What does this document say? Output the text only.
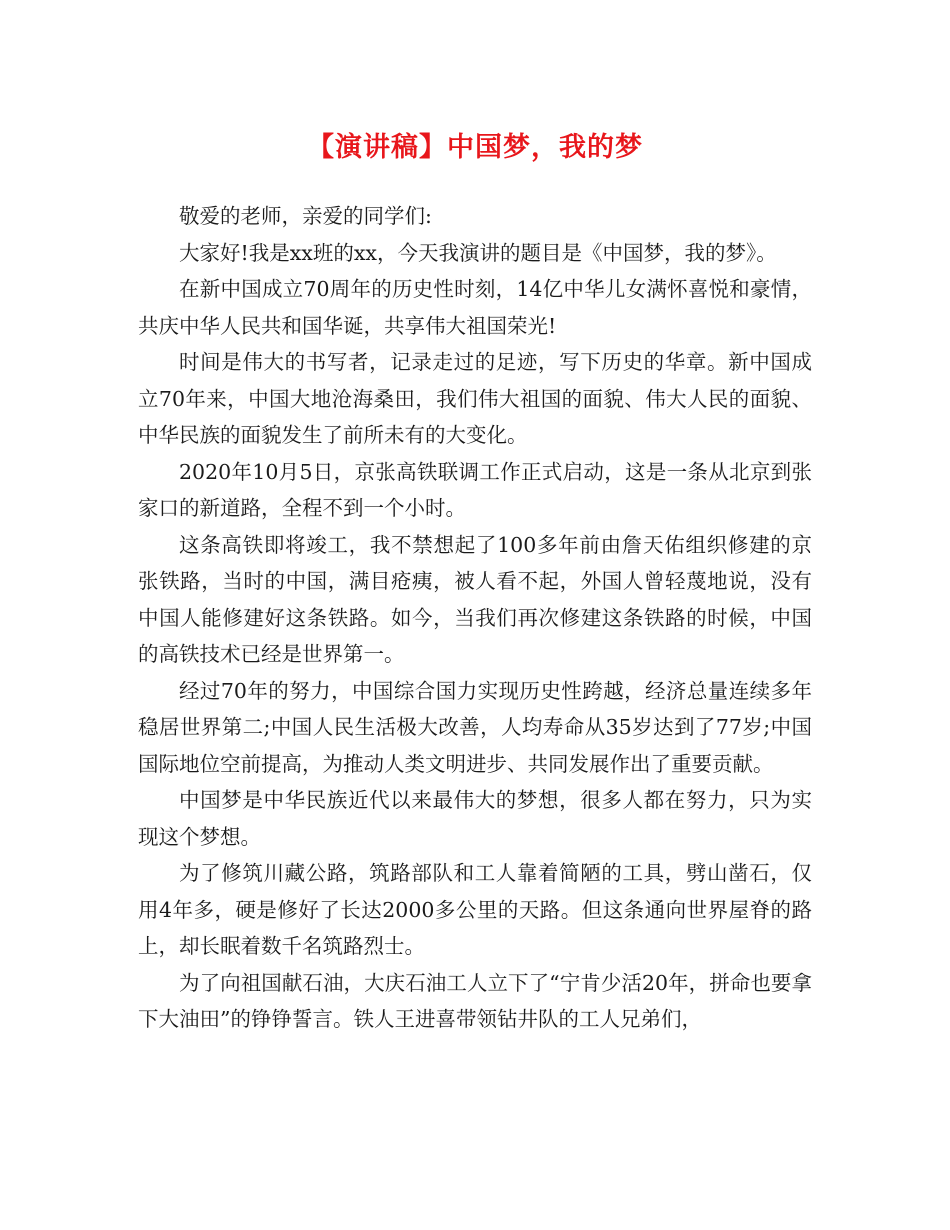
【演讲稿】中国梦，我的梦

敬爱的老师，亲爱的同学们:

大家好!我是xx班的xx，今天我演讲的题目是《中国梦，我的梦》。

在新中国成立70周年的历史性时刻，14亿中华儿女满怀喜悦和豪情，共庆中华人民共和国华诞，共享伟大祖国荣光!

时间是伟大的书写者，记录走过的足迹，写下历史的华章。新中国成立70年来，中国大地沧海桑田，我们伟大祖国的面貌、伟大人民的面貌、中华民族的面貌发生了前所未有的大变化。

2020年10月5日，京张高铁联调工作正式启动，这是一条从北京到张家口的新道路，全程不到一个小时。

这条高铁即将竣工，我不禁想起了100多年前由詹天佑组织修建的京张铁路，当时的中国，满目疮痍，被人看不起，外国人曾轻蔑地说，没有中国人能修建好这条铁路。如今，当我们再次修建这条铁路的时候，中国的高铁技术已经是世界第一。

经过70年的努力，中国综合国力实现历史性跨越，经济总量连续多年稳居世界第二;中国人民生活极大改善，人均寿命从35岁达到了77岁;中国国际地位空前提高，为推动人类文明进步、共同发展作出了重要贡献。

中国梦是中华民族近代以来最伟大的梦想，很多人都在努力，只为实现这个梦想。

为了修筑川藏公路，筑路部队和工人靠着简陋的工具，劈山凿石，仅用4年多，硬是修好了长达2000多公里的天路。但这条通向世界屋脊的路上，却长眠着数千名筑路烈士。

为了向祖国献石油，大庆石油工人立下了“宁肯少活20年，拼命也要拿下大油田”的铮铮誓言。铁人王进喜带领钻井队的工人兄弟们，
